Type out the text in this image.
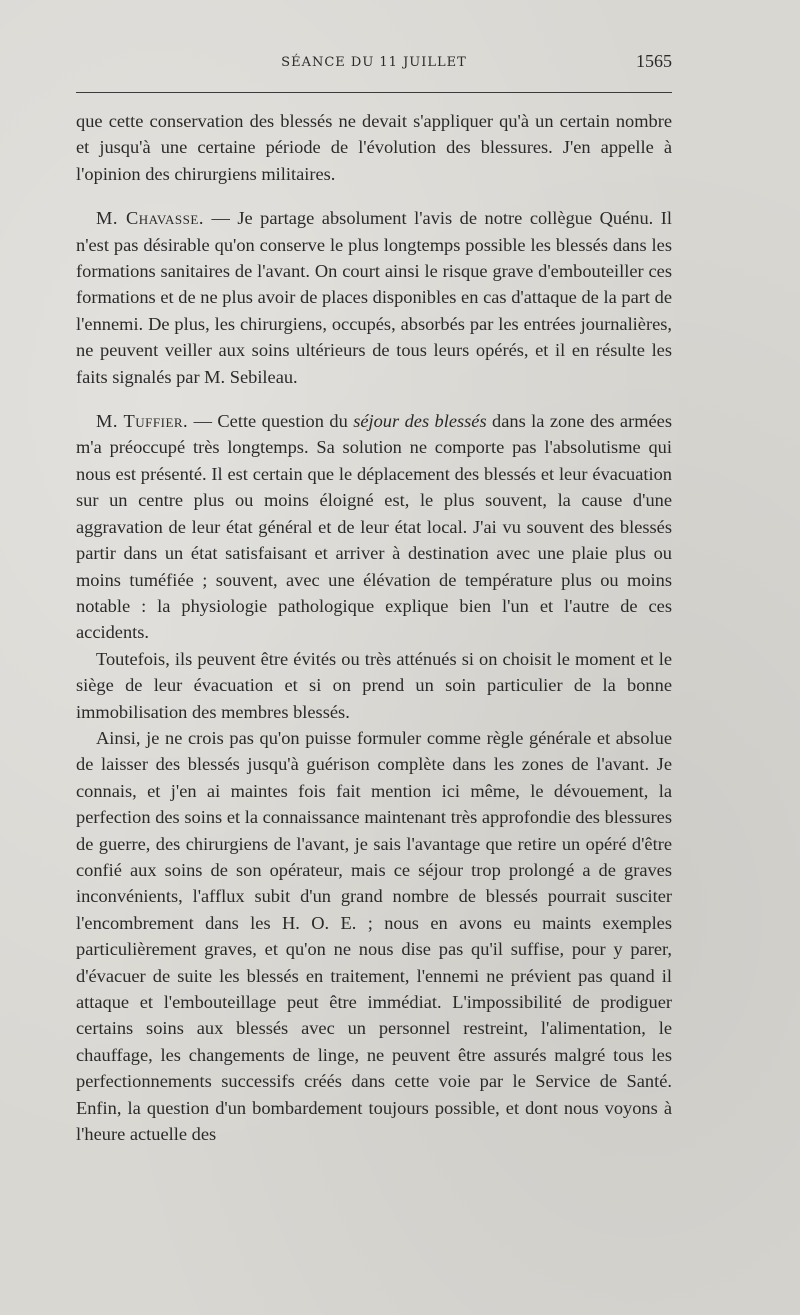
SÉANCE DU 11 JUILLET	1565

que cette conservation des blessés ne devait s'appliquer qu'à un certain nombre et jusqu'à une certaine période de l'évolution des blessures. J'en appelle à l'opinion des chirurgiens militaires.

M. Chavasse. — Je partage absolument l'avis de notre collègue Quénu. Il n'est pas désirable qu'on conserve le plus longtemps possible les blessés dans les formations sanitaires de l'avant. On court ainsi le risque grave d'embouteiller ces formations et de ne plus avoir de places disponibles en cas d'attaque de la part de l'ennemi. De plus, les chirurgiens, occupés, absorbés par les entrées journalières, ne peuvent veiller aux soins ultérieurs de tous leurs opérés, et il en résulte les faits signalés par M. Sebileau.

M. Tuffier. — Cette question du séjour des blessés dans la zone des armées m'a préoccupé très longtemps. Sa solution ne comporte pas l'absolutisme qui nous est présenté. Il est certain que le déplacement des blessés et leur évacuation sur un centre plus ou moins éloigné est, le plus souvent, la cause d'une aggravation de leur état général et de leur état local. J'ai vu souvent des blessés partir dans un état satisfaisant et arriver à destination avec une plaie plus ou moins tuméfiée ; souvent, avec une élévation de température plus ou moins notable : la physiologie pathologique explique bien l'un et l'autre de ces accidents.

Toutefois, ils peuvent être évités ou très atténués si on choisit le moment et le siège de leur évacuation et si on prend un soin particulier de la bonne immobilisation des membres blessés.

Ainsi, je ne crois pas qu'on puisse formuler comme règle générale et absolue de laisser des blessés jusqu'à guérison complète dans les zones de l'avant. Je connais, et j'en ai maintes fois fait mention ici même, le dévouement, la perfection des soins et la connaissance maintenant très approfondie des blessures de guerre, des chirurgiens de l'avant, je sais l'avantage que retire un opéré d'être confié aux soins de son opérateur, mais ce séjour trop prolongé a de graves inconvénients, l'afflux subit d'un grand nombre de blessés pourrait susciter l'encombrement dans les H. O. E. ; nous en avons eu maints exemples particulièrement graves, et qu'on ne nous dise pas qu'il suffise, pour y parer, d'évacuer de suite les blessés en traitement, l'ennemi ne prévient pas quand il attaque et l'embouteillage peut être immédiat. L'impossibilité de prodiguer certains soins aux blessés avec un personnel restreint, l'alimentation, le chauffage, les changements de linge, ne peuvent être assurés malgré tous les perfectionnements successifs créés dans cette voie par le Service de Santé. Enfin, la question d'un bombardement toujours possible, et dont nous voyons à l'heure actuelle des
